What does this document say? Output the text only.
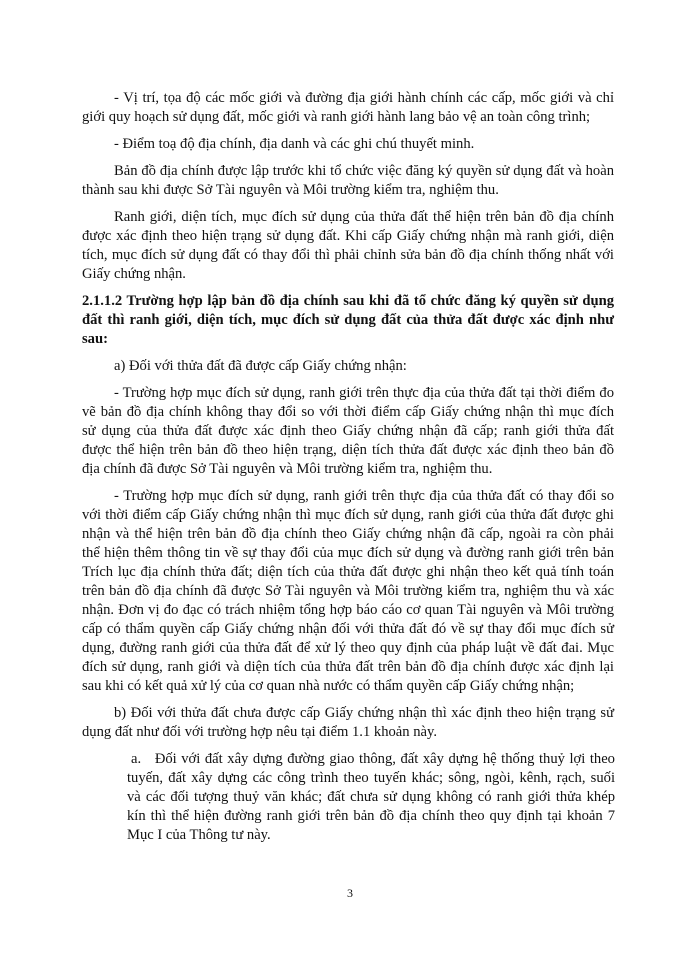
- Vị trí, tọa độ các mốc giới và đường địa giới hành chính các cấp, mốc giới và chỉ
giới quy hoạch sử dụng đất, mốc giới và ranh giới hành lang bảo vệ an toàn công trình;
- Điểm toạ độ địa chính, địa danh và các ghi chú thuyết minh.
Bản đồ địa chính được lập trước khi tổ chức việc đăng ký quyền sử dụng đất và hoàn
thành sau khi được Sở Tài nguyên và Môi trường kiểm tra, nghiệm thu.
Ranh giới, diện tích, mục đích sử dụng của thửa đất thể hiện trên bản đồ địa chính
được xác định theo hiện trạng sử dụng đất. Khi cấp Giấy chứng nhận mà ranh giới, diện
tích, mục đích sử dụng đất có thay đổi thì phải chỉnh sửa bản đồ địa chính thống nhất với
Giấy chứng nhận.
2.1.1.2 Trường hợp lập bản đồ địa chính sau khi đã tổ chức đăng ký quyền sử dụng
đất thì ranh giới, diện tích, mục đích sử dụng đất của thửa đất được xác định như
sau:
a) Đối với thửa đất đã được cấp Giấy chứng nhận:
- Trường hợp mục đích sử dụng, ranh giới trên thực địa của thửa đất tại thời điểm đo
vẽ bản đồ địa chính không thay đổi so với thời điểm cấp Giấy chứng nhận thì mục đích
sử dụng của thửa đất được xác định theo Giấy chứng nhận đã cấp; ranh giới thửa đất
được thể hiện trên bản đồ theo hiện trạng, diện tích thửa đất được xác định theo bản đồ
địa chính đã được Sở Tài nguyên và Môi trường kiểm tra, nghiệm thu.
- Trường hợp mục đích sử dụng, ranh giới trên thực địa của thửa đất có thay đổi so
với thời điểm cấp Giấy chứng nhận thì mục đích sử dụng, ranh giới của thửa đất được ghi
nhận và thể hiện trên bản đồ địa chính theo Giấy chứng nhận đã cấp, ngoài ra còn phải
thể hiện thêm thông tin về sự thay đổi của mục đích sử dụng và đường ranh giới trên bản
Trích lục địa chính thửa đất; diện tích của thửa đất được ghi nhận theo kết quả tính toán
trên bản đồ địa chính đã được Sở Tài nguyên và Môi trường kiểm tra, nghiệm thu và xác
nhận. Đơn vị đo đạc có trách nhiệm tổng hợp báo cáo cơ quan Tài nguyên và Môi trường
cấp có thẩm quyền cấp Giấy chứng nhận đối với thửa đất đó về sự thay đổi mục đích sử
dụng, đường ranh giới của thửa đất để xử lý theo quy định của pháp luật về đất đai. Mục
đích sử dụng, ranh giới và diện tích của thửa đất trên bản đồ địa chính được xác định lại
sau khi có kết quả xử lý của cơ quan nhà nước có thẩm quyền cấp Giấy chứng nhận;
b) Đối với thửa đất chưa được cấp Giấy chứng nhận thì xác định theo hiện trạng sử
dụng đất như đối với trường hợp nêu tại điểm 1.1 khoản này.
a. Đối với đất xây dựng đường giao thông, đất xây dựng hệ thống thuỷ lợi theo
tuyến, đất xây dựng các công trình theo tuyến khác; sông, ngòi, kênh, rạch, suối
và các đối tượng thuỷ văn khác; đất chưa sử dụng không có ranh giới thửa khép
kín thì thể hiện đường ranh giới trên bản đồ địa chính theo quy định tại khoản 7
Mục I của Thông tư này.
3
